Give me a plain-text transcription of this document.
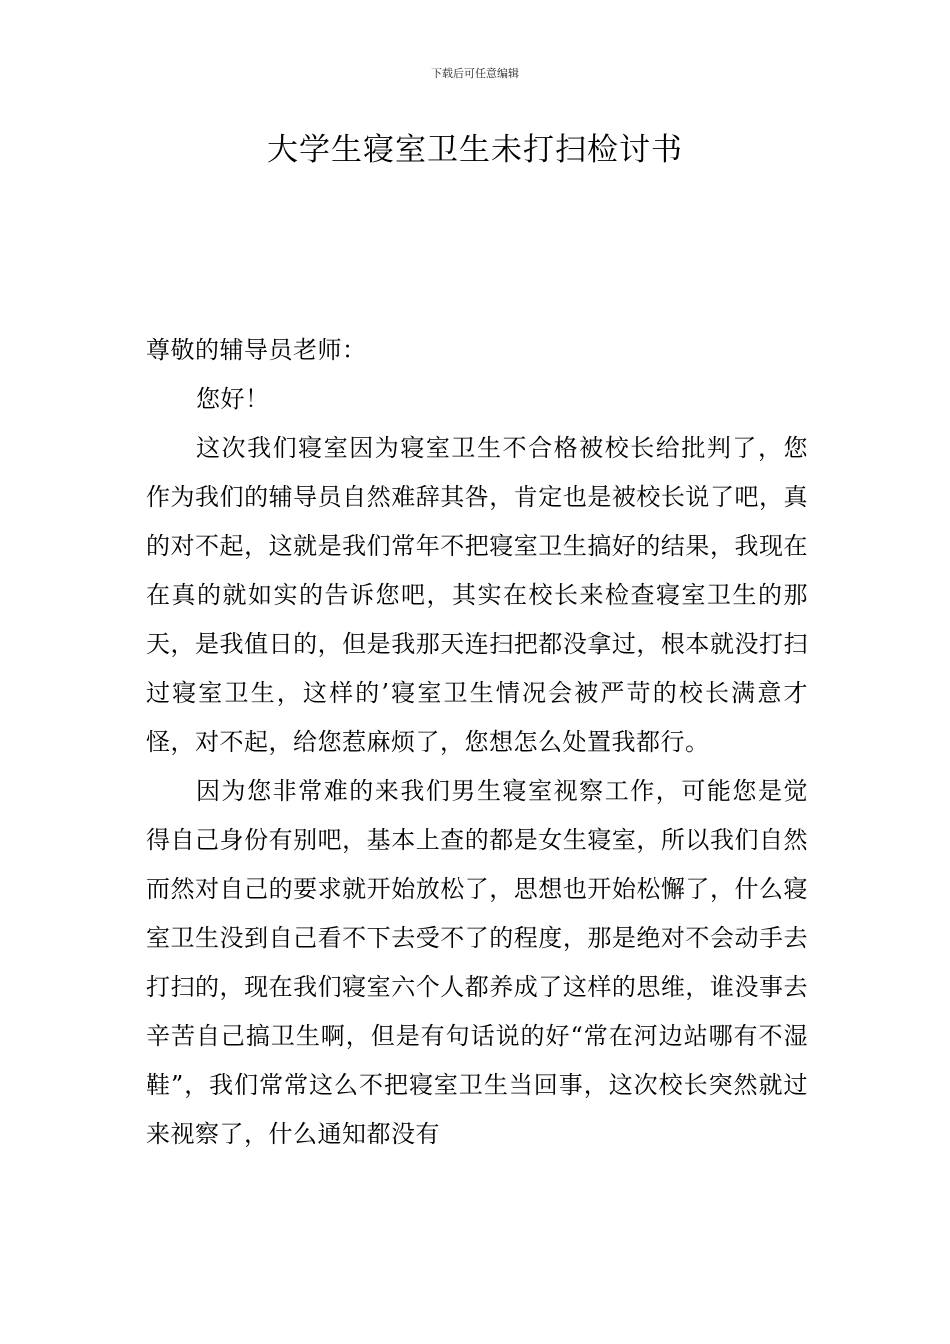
下载后可任意编辑
大学生寝室卫生未打扫检讨书

尊敬的辅导员老师：

您好！

这次我们寝室因为寝室卫生不合格被校长给批判了，您作为我们的辅导员自然难辞其咎，肯定也是被校长说了吧，真的对不起，这就是我们常年不把寝室卫生搞好的结果，我现在在真的就如实的告诉您吧，其实在校长来检查寝室卫生的那天，是我值日的，但是我那天连扫把都没拿过，根本就没打扫过寝室卫生，这样的’寝室卫生情况会被严苛的校长满意才怪，对不起，给您惹麻烦了，您想怎么处置我都行。

因为您非常难的来我们男生寝室视察工作，可能您是觉得自己身份有别吧，基本上查的都是女生寝室，所以我们自然而然对自己的要求就开始放松了，思想也开始松懈了，什么寝室卫生没到自己看不下去受不了的程度，那是绝对不会动手去打扫的，现在我们寝室六个人都养成了这样的思维，谁没事去辛苦自己搞卫生啊，但是有句话说的好“常在河边站哪有不湿鞋”，我们常常这么不把寝室卫生当回事，这次校长突然就过来视察了，什么通知都没有
